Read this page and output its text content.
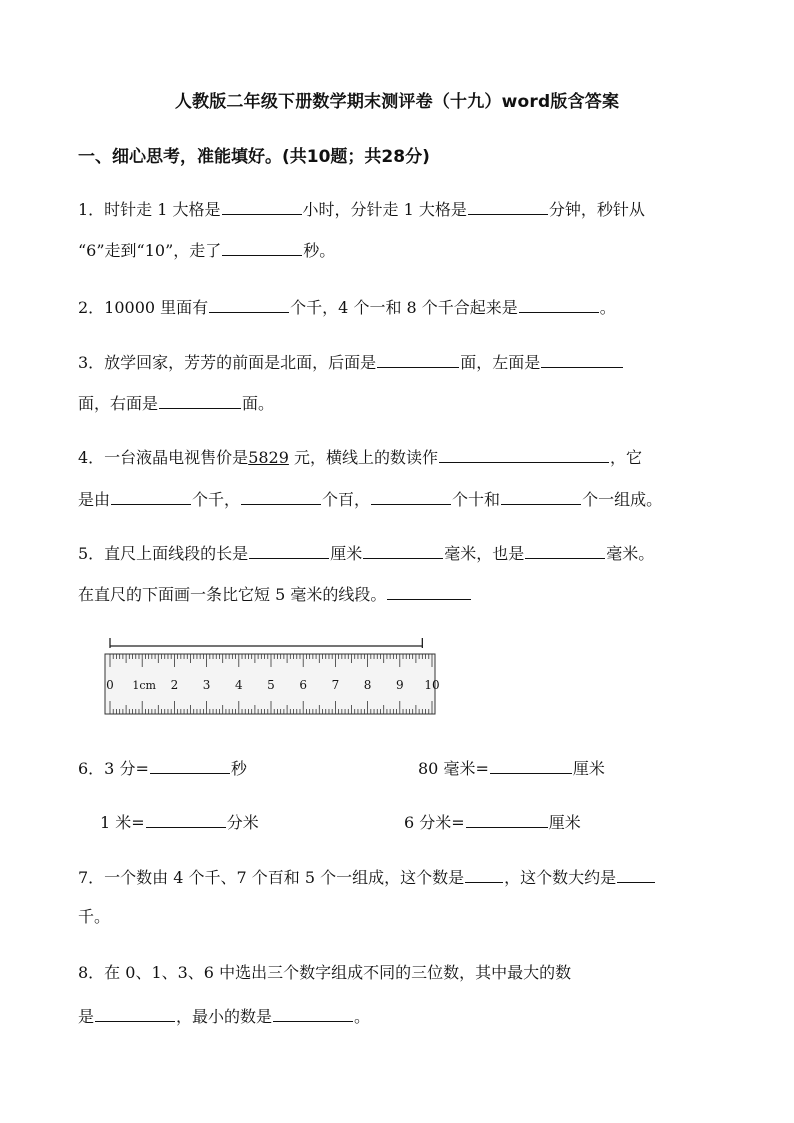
人教版二年级下册数学期末测评卷（十九）word版含答案
一、细心思考，准能填好。(共10题；共28分)
1．时针走 1 大格是	小时，分针走 1 大格是	分钟，秒针从
“6”走到“10”，走了	秒。
2．10000 里面有	个千，4 个一和 8 个千合起来是	。
3．放学回家，芳芳的前面是北面，后面是	面，左面是
面，右面是	面。
4．一台液晶电视售价是5829 元，横线上的数读作	，它
是由	个千，	个百，	个十和	个一组成。
5．直尺上面线段的长是	厘米	毫米，也是	毫米。
在直尺的下面画一条比它短 5 毫米的线段。
0 1cm 2 3 4 5 6 7 8 9 10
6．3 分=	秒	80 毫米=	厘米
1 米=	分米	6 分米=	厘米
7．一个数由 4 个千、7 个百和 5 个一组成，这个数是	，这个数大约是
千。
8．在 0、1、3、6 中选出三个数字组成不同的三位数，其中最大的数
是	，最小的数是	。
